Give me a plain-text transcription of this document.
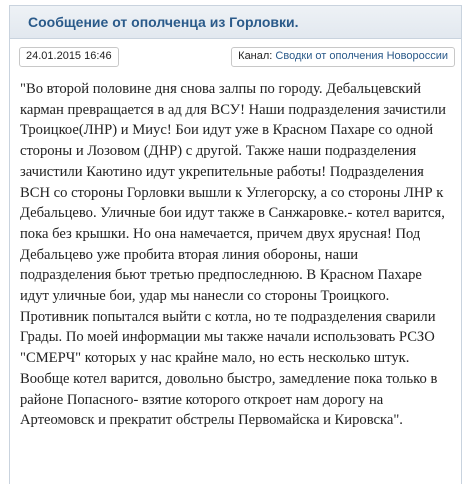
Сообщение от ополченца из Горловки.
24.01.2015 16:46	Канал: Сводки от ополчения Новороссии
"Во второй половине дня снова залпы по городу. Дебальцевский карман превращается в ад для ВСУ! Наши подразделения зачистили Троицкое(ЛНР) и Миус! Бои идут уже в Красном Пахаре со одной стороны и Лозовом (ДНР) с другой. Также наши подразделения зачистили Каютино идут укрепительные работы! Подразделения ВСН со стороны Горловки вышли к Углегорску, а со стороны ЛНР к Дебальцево. Уличные бои идут также в Санжаровке.- котел варится, пока без крышки. Но она намечается, причем двух ярусная! Под Дебальцево уже пробита вторая линия обороны, наши подразделения бьют третью предпоследнюю. В Красном Пахаре идут уличные бои, удар мы нанесли со стороны Троицкого. Противник попытался выйти с котла, но те подразделения сварили Грады. По моей информации мы также начали использовать РСЗО "СМЕРЧ" которых у нас крайне мало, но есть несколько штук. Вообще котел варится, довольно быстро, замедление пока только в районе Попасного- взятие которого откроет нам дорогу на Артеомовск и прекратит обстрелы Первомайска и Кировска".
